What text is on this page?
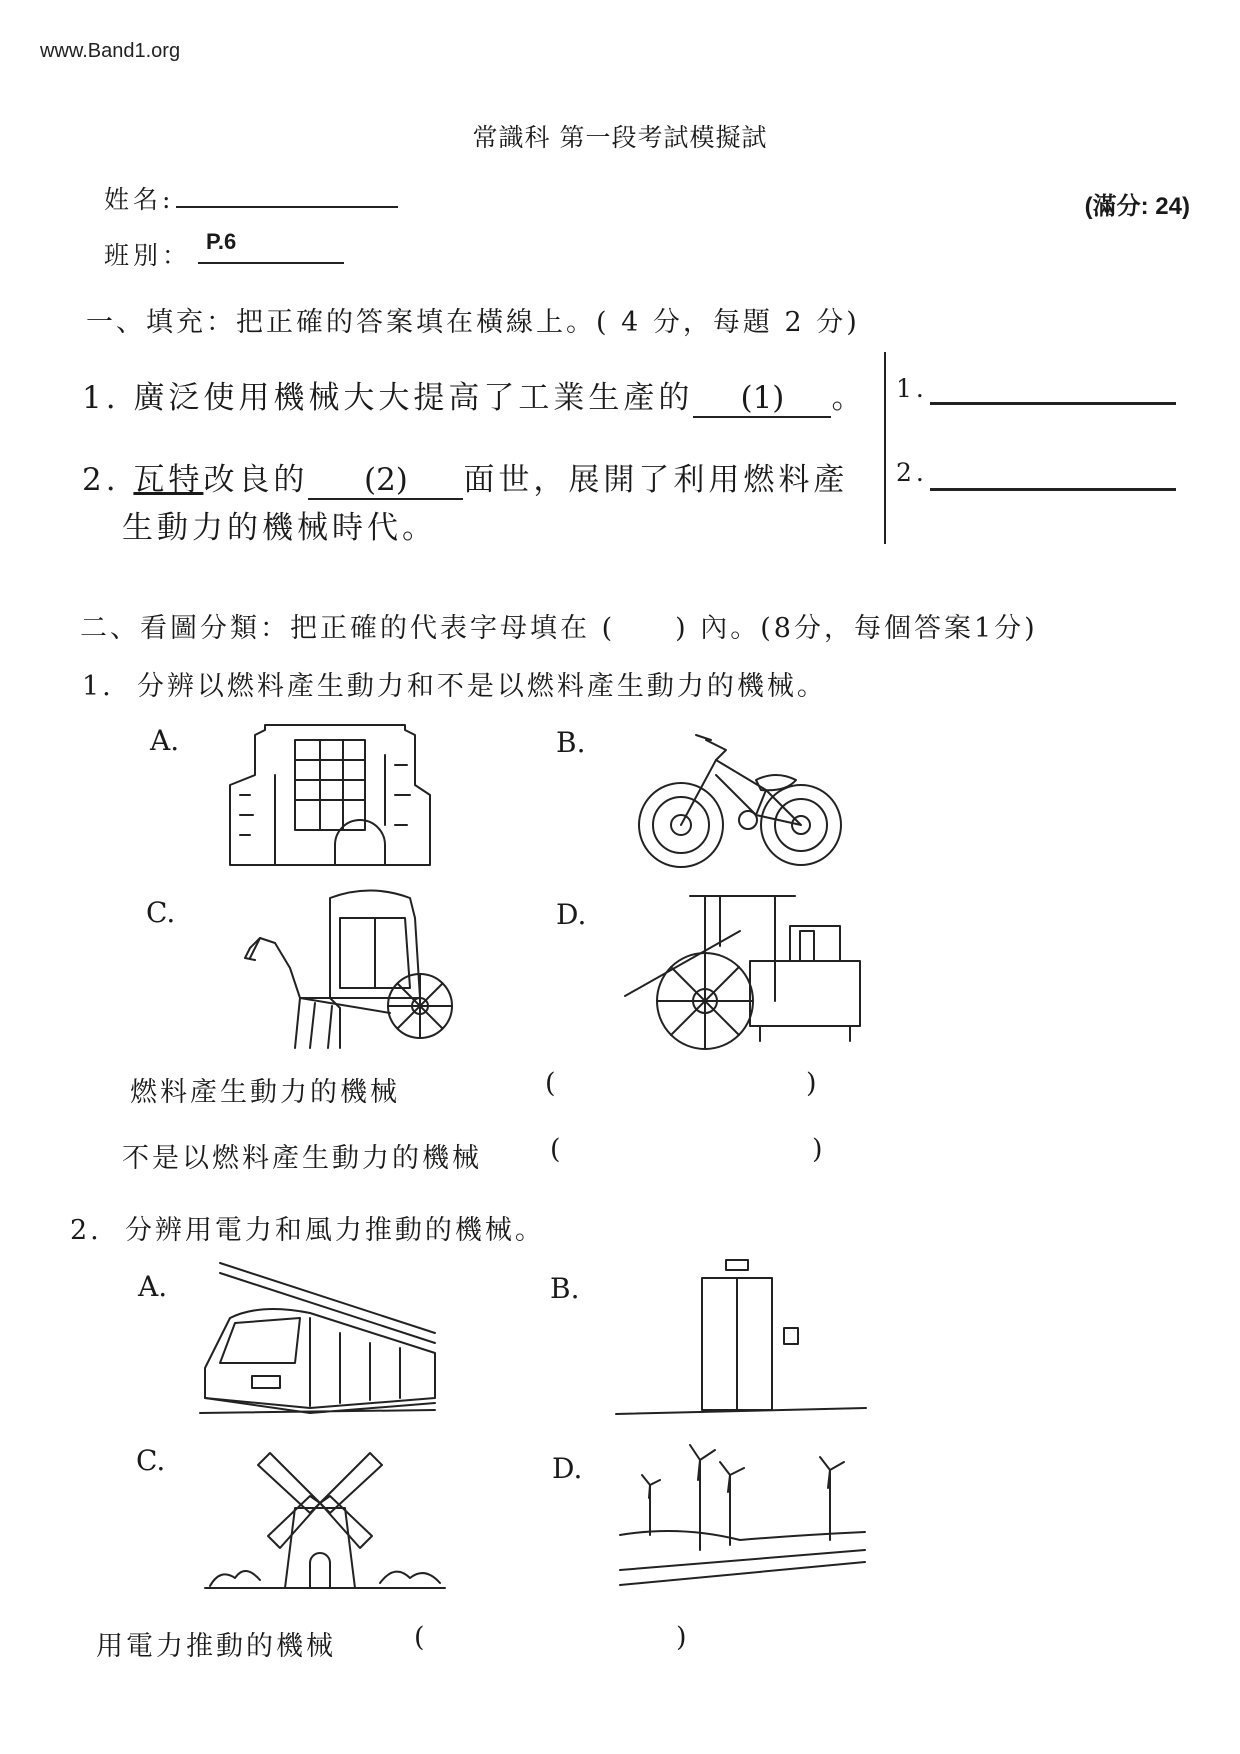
www.Band1.org
常識科 第一段考試模擬試
姓名:	(滿分: 24)
班別： P.6
一、填充：把正確的答案填在橫線上。( 4 分，每題 2 分)
1. 廣泛使用機械大大提高了工業生產的 (1) 。
2. 瓦特改良的 (2) 面世，展開了利用燃料產
生動力的機械時代。
1.
2.
二、看圖分類：把正確的代表字母填在 (　　) 內。(8分，每個答案1分)
1. 分辨以燃料產生動力和不是以燃料產生動力的機械。
A.	B.
C.	D.
燃料產生動力的機械	(	)
不是以燃料產生動力的機械	(	)
2. 分辨用電力和風力推動的機械。
A.	B.
C.	D.
用電力推動的機械	(	)
